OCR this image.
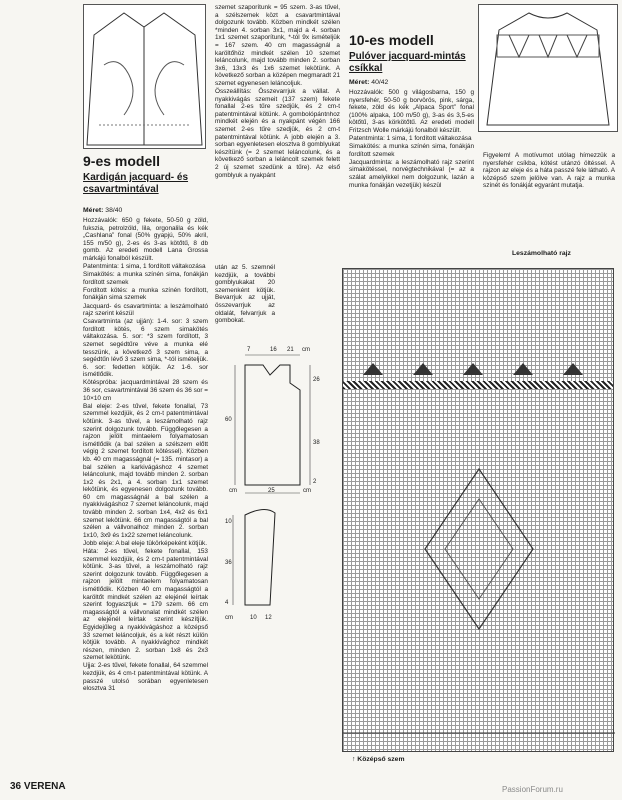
9-es modell
Kardigán jacquard- és csavartmintával
Méret: 38/40

Hozzávalók: 650 g fekete, 50-50 g zöld, fukszia, petrolzöld, lila, orgonalila és kék „Cashlana” fonal (50% gyapjú, 50% akril, 155 m/50 g), 2-es és 3-as kötőtű, 8 db gomb. Az eredeti modell Lana Grossa márkájú fonalból készült.

Patentminta: 1 sima, 1 fordított váltakozása

Simakötés: a munka színén sima, fonákján fordított szemek

Fordított kötés: a munka színén fordított, fonákján sima szemek

Jacquard- és csavartminta: a leszámolható rajz szerint készül

Csavartminta (az ujján): 1-4. sor: 3 szem fordított kötés, 6 szem simakötés váltakozása. 5. sor: *3 szem fordított, 3 szemet segédtűre véve a munka elé tesszünk, a következő 3 szem sima, a segédtűn lévő 3 szem sima, *-tól ismételjük. 6. sor: fedetten kötjük. Az 1-6. sor ismétlődik.

Kötéspróba: jacquardmintával 28 szem és 36 sor, csavartmintával 36 szem és 36 sor = 10×10 cm

Bal eleje: 2-es tűvel, fekete fonallal, 73 szemmel kezdjük, és 2 cm-t patentmintával kötünk. 3-as tűvel, a leszámolható rajz szerint dolgozunk tovább. Függőlegesen a rajzon jelölt mintaelem folyamatosan ismétlődik (a bal szélen a szélszem előtt végig 2 szemet fordított kötéssel). Közben kb. 40 cm magasságnál (= 135. mintasor) a bal szélen a karkivágáshoz 4 szemet leláncolunk, majd tovább minden 2. sorban 1x2 és 2x1, a 4. sorban 1x1 szemet lekötünk, és egyenesen dolgozunk tovább. 60 cm magasságnál a bal szélen a nyakkivágáshoz 7 szemet leláncolunk, majd tovább minden 2. sorban 1x4, 4x2 és 6x1 szemet lekötünk. 66 cm magasságtól a bal szélen a vállvonalhoz minden 2. sorban 1x10, 3x9 és 1x22 szemet leláncolunk.

Jobb eleje: A bal eleje tükörképeként kötjük.

Háta: 2-es tűvel, fekete fonallal, 153 szemmel kezdjük, és 2 cm-t patentmintával kötünk. 3-as tűvel, a leszámolható rajz szerint dolgozunk tovább. Függőlegesen a rajzon jelölt mintaelem folyamatosan ismétlődik. Közben 40 cm magasságtól a karöltőt mindkét szélen az elejénél leírtak szerint fogyasztjuk = 179 szem. 66 cm magasságtól a vállvonalat mindkét szélen az elejénél leírtak szerint készítjük. Egyidejűleg a nyakkivágáshoz a középső 33 szemet leláncoljuk, és a két részt külön kötjük tovább. A nyakkivághoz mindkét részen, minden 2. sorban 1x8 és 2x3 szemet lekötünk.

Ujja: 2-es tűvel, fekete fonallal, 64 szemmel kezdjük, és 4 cm-t patentmintával kötünk. A passzé utolsó sorában egyenletesen elosztva 31

szemet szaporítunk = 95 szem. 3-as tűvel, a szélszemek közt a csavartmintával dolgozunk tovább. Közben mindkét szélen *minden 4. sorban 3x1, majd a 4. sorban 1x1 szemet szaporítunk, *-tól 9x ismételjük = 167 szem. 40 cm magasságnál a karöltőhöz mindkét szélen 10 szemet leláncolunk, majd tovább minden 2. sorban 3x6, 13x3 és 1x6 szemet lekötünk. A következő sorban a középen megmaradt 21 szemet egyenesen leláncoljuk.

Összeállítás: Összevarrjuk a vállat. A nyakkivágás szemeit (137 szem) fekete fonallal 2-es tűre szedjük, és 2 cm-t patentmintával kötünk. A gombolópántnhoz mindkét elején és a nyakpánt végén 166 szemet 2-es tűre szedjük, és 2 cm-t patentmintával kötünk. A jobb elején a 3. sorban egyenletesen elosztva 8 gomblyukat készítünk (= 2 szemet leláncolunk, és a következő sorban a leláncolt szemek felett 2 új szemet szedünk a tűre). Az első gomblyuk a nyakpánt

után az 5. szemnél kezdjük, a további gomblyukakat 20 szemenként kötjük. Bevarrjuk az ujját, összevarrjuk az oldalát, felvarrjuk a gombokat.

7	16 21 cm
60
26
38
2
cm	25	cm
10
36
4
cm	10 12
10-es modell
Pulóver jacquard-mintás csíkkal
Méret: 40/42

Hozzávalók: 500 g világosbarna, 150 g nyersfehér, 50-50 g borvörös, pink, sárga, fekete, zöld és kék „Alpaca Sport” fonal (100% alpaka, 100 m/50 g), 3-as és 3,5-es kötőtű, 3-as körkötőtű. Az eredeti modell Fritzsch Wolle márkájú fonalból készült.

Patentminta: 1 sima, 1 fordított váltakozása

Simakötés: a munka színén sima, fonákján fordított szemek

Jacquardminta: a leszámolható rajz szerint simakötéssel, norvégtechnikával (= az a szálat amelyikkel nem dolgozunk, lazán a munka fonákján vezetjük) készül

Figyelem! A motívumot utólag hímezzük a nyersfehér csíkba, kötést utánzó öltéssel. A rajzon az eleje és a háta passzé fele látható. A középső szem jelölve van. A rajz a munka színét és fonákját egyaránt mutatja.

Leszámolható rajz
↑ Középső szem
36 VERENA	PassionForum.ru
